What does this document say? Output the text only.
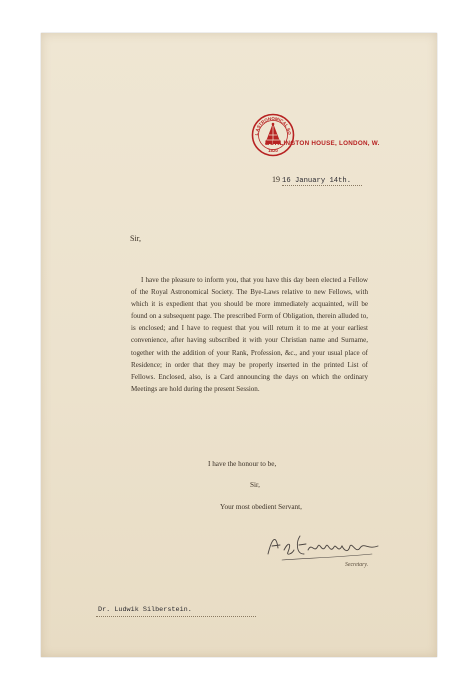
L ASTRONOMICAL SO
1820
BURLINGTON HOUSE, LONDON, W.
19 16 January 14th.
Sir,

I have the pleasure to inform you, that you have this day been elected a Fellow of the Royal Astronomical Society. The Bye-Laws relative to new Fellows, with which it is expedient that you should be more immediately acquainted, will be found on a subsequent page. The prescribed Form of Obligation, therein alluded to, is enclosed; and I have to request that you will return it to me at your earliest convenience, after having subscribed it with your Christian name and Surname, together with the addition of your Rank, Profession, &c., and your usual place of Residence; in order that they may be properly inserted in the printed List of Fellows. Enclosed, also, is a Card announcing the days on which the ordinary Meetings are hold during the present Session.

I have the honour to be,
Sir,
Your most obedient Servant,
Secretary.
Dr. Ludwik Silberstein.
